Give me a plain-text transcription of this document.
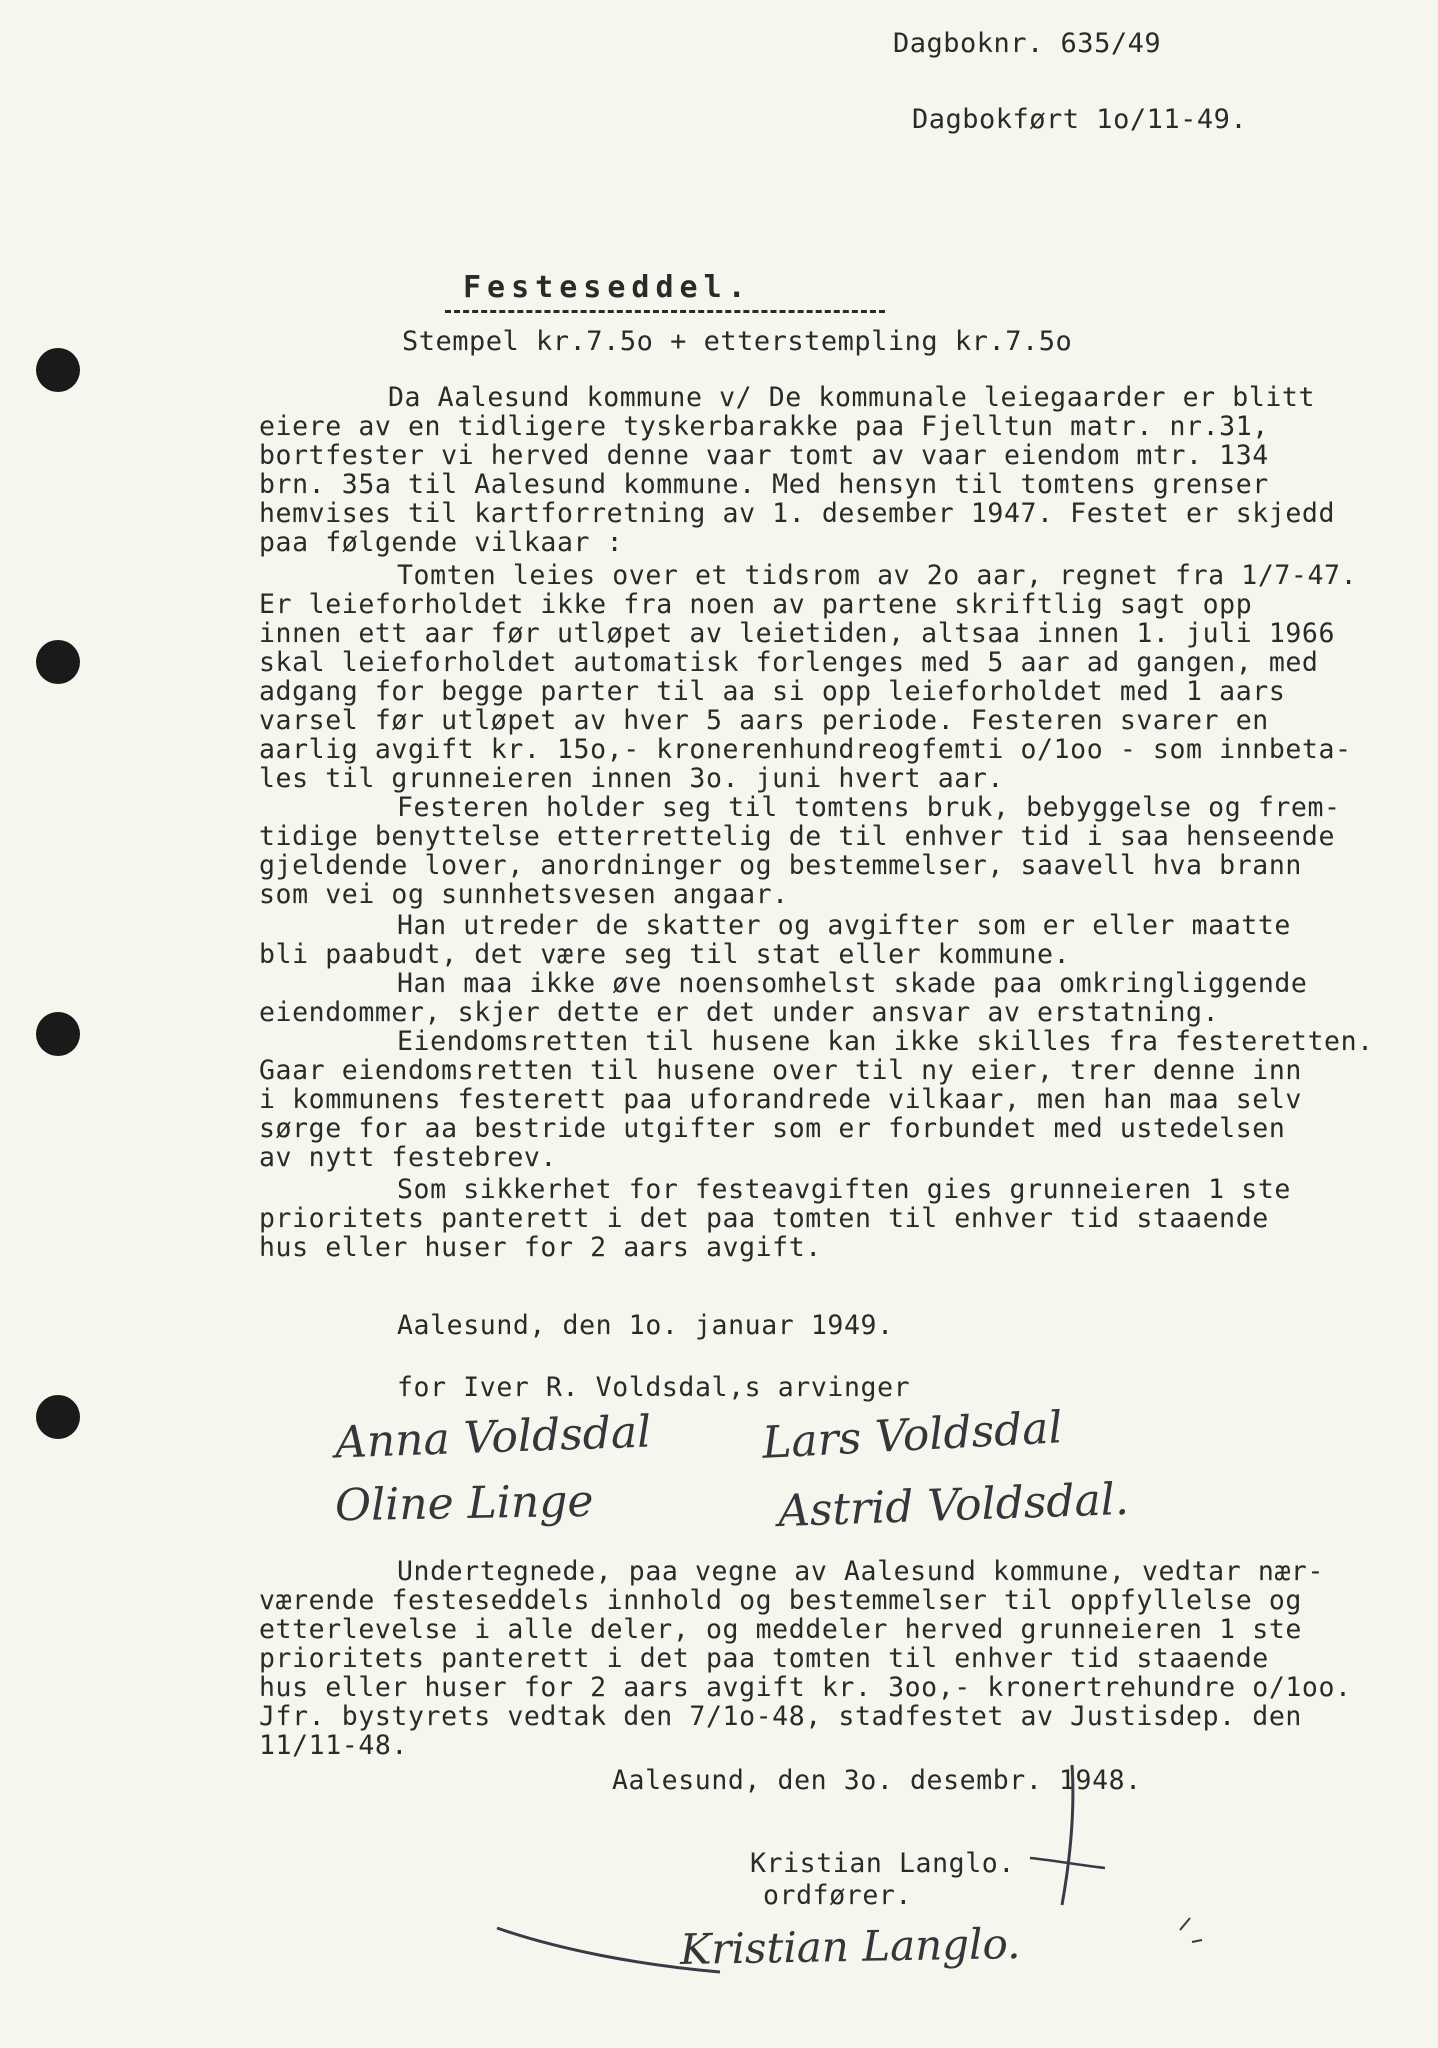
Dagboknr. 635/49
Dagbokført 1o/11-49.
Festeseddel.
Stempel kr.7.5o + etterstempling kr.7.5o
Da Aalesund kommune v/ De kommunale leiegaarder er blitt
eiere av en tidligere tyskerbarakke paa Fjelltun matr. nr.31,
bortfester vi herved denne vaar tomt av vaar eiendom mtr. 134
brn. 35a til Aalesund kommune. Med hensyn til tomtens grenser
hemvises til kartforretning av 1. desember 1947. Festet er skjedd
paa følgende vilkaar :
Tomten leies over et tidsrom av 2o aar, regnet fra 1/7-47.
Er leieforholdet ikke fra noen av partene skriftlig sagt opp
innen ett aar før utløpet av leietiden, altsaa innen 1. juli 1966
skal leieforholdet automatisk forlenges med 5 aar ad gangen, med
adgang for begge parter til aa si opp leieforholdet med 1 aars
varsel før utløpet av hver 5 aars periode. Festeren svarer en
aarlig avgift kr. 15o,- kronerenhundreogfemti o/1oo - som innbeta-
les til grunneieren innen 3o. juni hvert aar.
Festeren holder seg til tomtens bruk, bebyggelse og frem-
tidige benyttelse etterrettelig de til enhver tid i saa henseende
gjeldende lover, anordninger og bestemmelser, saavell hva brann
som vei og sunnhetsvesen angaar.
Han utreder de skatter og avgifter som er eller maatte
bli paabudt, det være seg til stat eller kommune.
Han maa ikke øve noensomhelst skade paa omkringliggende
eiendommer, skjer dette er det under ansvar av erstatning.
Eiendomsretten til husene kan ikke skilles fra festeretten.
Gaar eiendomsretten til husene over til ny eier, trer denne inn
i kommunens festerett paa uforandrede vilkaar, men han maa selv
sørge for aa bestride utgifter som er forbundet med ustedelsen
av nytt festebrev.
Som sikkerhet for festeavgiften gies grunneieren 1 ste
prioritets panterett i det paa tomten til enhver tid staaende
hus eller huser for 2 aars avgift.
Aalesund, den 1o. januar 1949.
for Iver R. Voldsdal,s arvinger
Anna Voldsdal Lars Voldsdal
Oline Linge	Astrid Voldsdal.
Undertegnede, paa vegne av Aalesund kommune, vedtar nær-
værende festeseddels innhold og bestemmelser til oppfyllelse og
etterlevelse i alle deler, og meddeler herved grunneieren 1 ste
prioritets panterett i det paa tomten til enhver tid staaende
hus eller huser for 2 aars avgift kr. 3oo,- kronertrehundre o/1oo.
Jfr. bystyrets vedtak den 7/1o-48, stadfestet av Justisdep. den
11/11-48.
Aalesund, den 3o. desembr. 1948.
Kristian Langlo.
ordfører.
Kristian Langlo.
